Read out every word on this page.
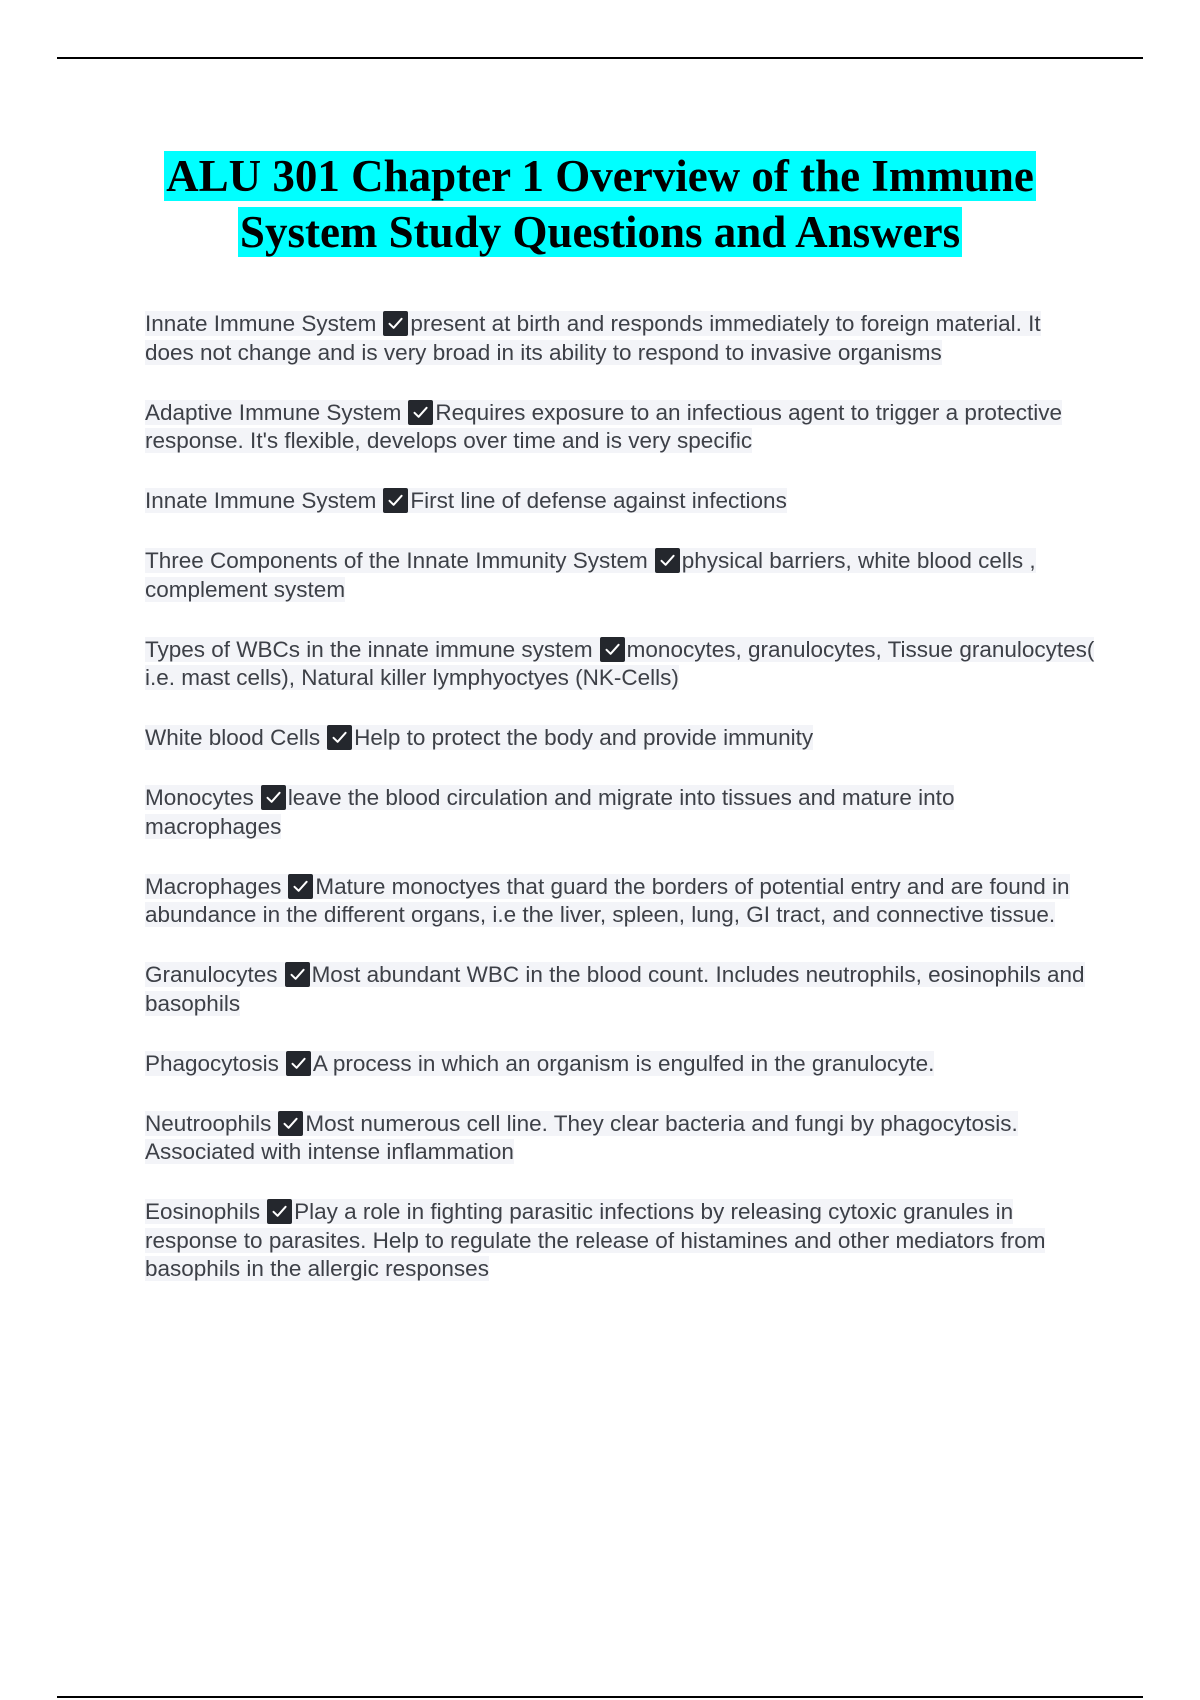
ALU 301 Chapter 1 Overview of the Immune
System Study Questions and Answers
Innate Immune System present at birth and responds immediately to foreign material. It does not change and is very broad in its ability to respond to invasive organisms
Adaptive Immune System Requires exposure to an infectious agent to trigger a protective response. It's flexible, develops over time and is very specific
Innate Immune System First line of defense against infections
Three Components of the Innate Immunity System physical barriers, white blood cells , complement system
Types of WBCs in the innate immune system monocytes, granulocytes, Tissue granulocytes( i.e. mast cells), Natural killer lymphyoctyes (NK-Cells)
White blood Cells Help to protect the body and provide immunity
Monocytes leave the blood circulation and migrate into tissues and mature into macrophages
Macrophages Mature monoctyes that guard the borders of potential entry and are found in abundance in the different organs, i.e the liver, spleen, lung, GI tract, and connective tissue.
Granulocytes Most abundant WBC in the blood count. Includes neutrophils, eosinophils and basophils
Phagocytosis A process in which an organism is engulfed in the granulocyte.
Neutroophils Most numerous cell line. They clear bacteria and fungi by phagocytosis. Associated with intense inflammation
Eosinophils Play a role in fighting parasitic infections by releasing cytoxic granules in response to parasites. Help to regulate the release of histamines and other mediators from basophils in the allergic responses
